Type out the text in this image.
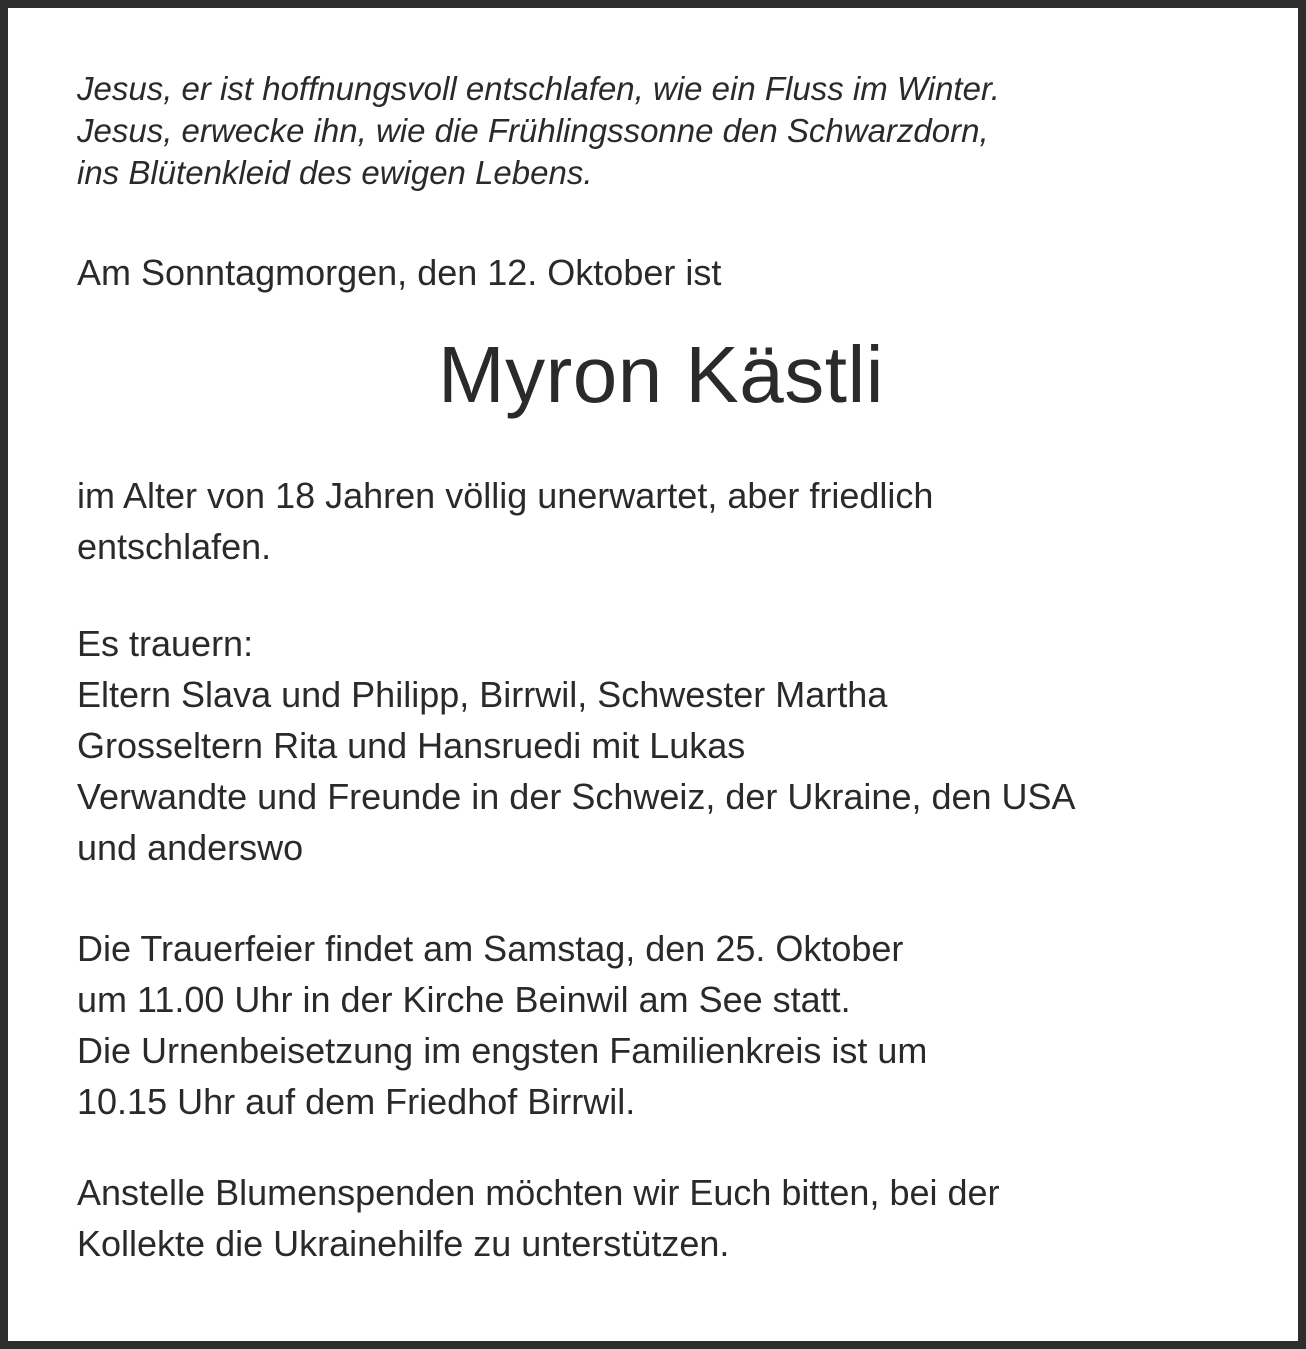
Jesus, er ist hoffnungsvoll entschlafen, wie ein Fluss im Winter.
Jesus, erwecke ihn, wie die Frühlingssonne den Schwarzdorn,
ins Blütenkleid des ewigen Lebens.

Am Sonntagmorgen, den 12. Oktober ist

Myron Kästli

im Alter von 18 Jahren völlig unerwartet, aber friedlich
entschlafen.

Es trauern:
Eltern Slava und Philipp, Birrwil, Schwester Martha
Grosseltern Rita und Hansruedi mit Lukas
Verwandte und Freunde in der Schweiz, der Ukraine, den USA
und anderswo

Die Trauerfeier findet am Samstag, den 25. Oktober
um 11.00 Uhr in der Kirche Beinwil am See statt.
Die Urnenbeisetzung im engsten Familienkreis ist um
10.15 Uhr auf dem Friedhof Birrwil.

Anstelle Blumenspenden möchten wir Euch bitten, bei der
Kollekte die Ukrainehilfe zu unterstützen.
